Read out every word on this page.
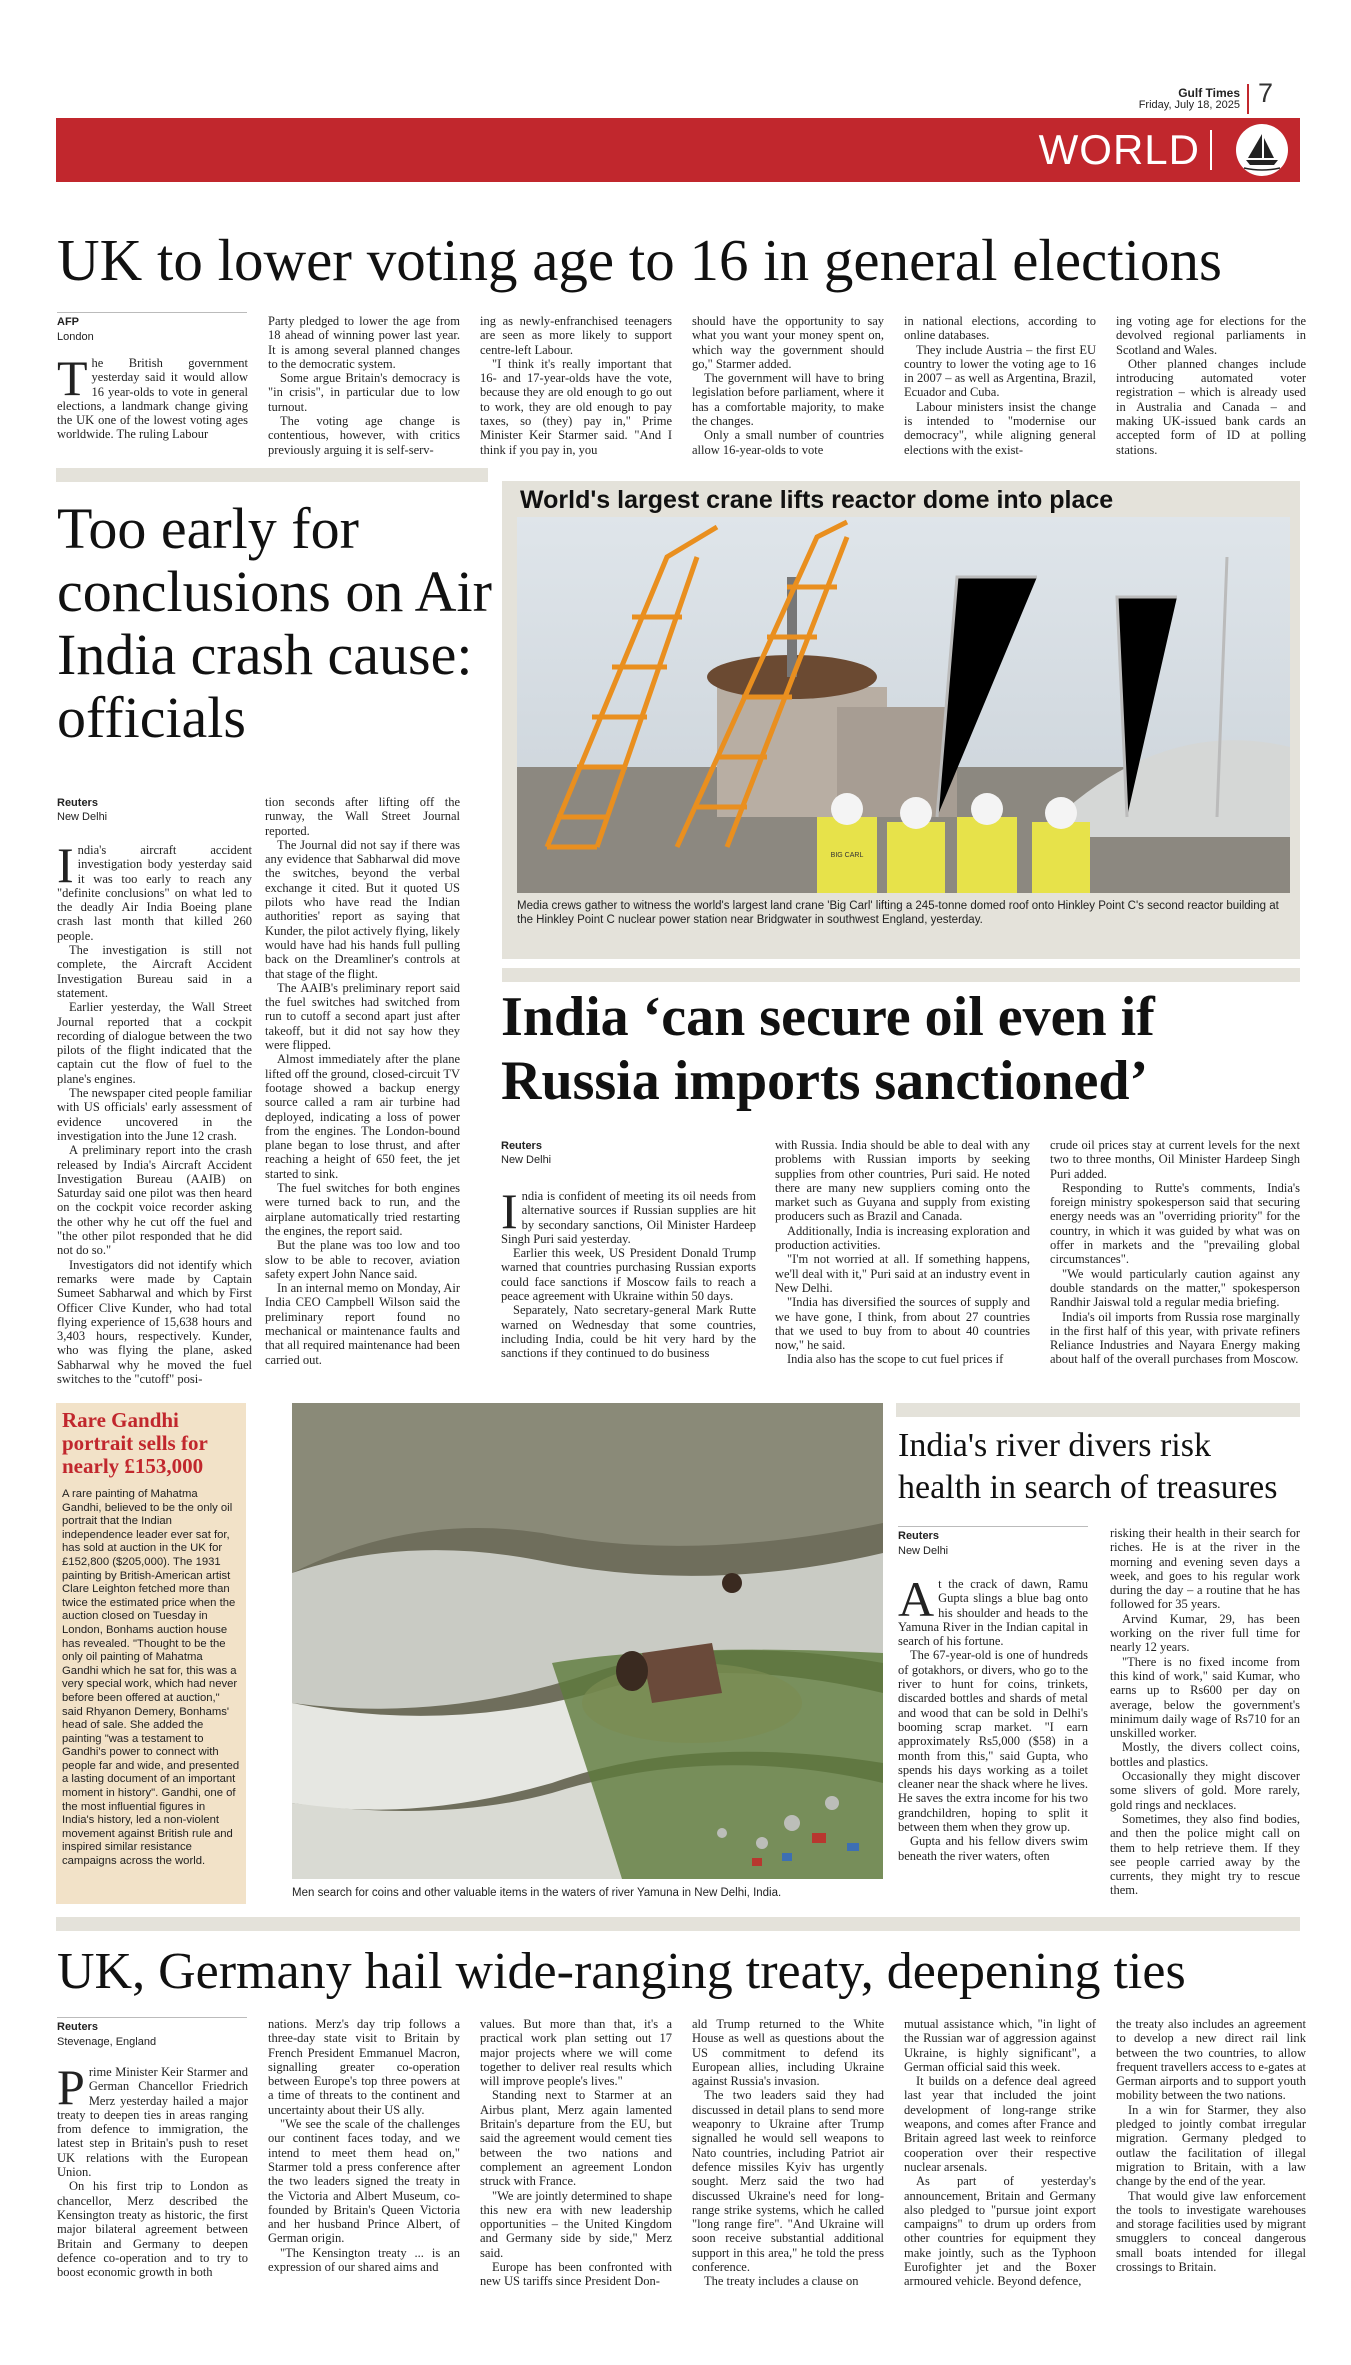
Gulf Times
Friday, July 18, 2025 7
WORLD
UK to lower voting age to 16 in general elections
AFP
London
T he British government yesterday said it would allow 16 year-olds to vote in general elections, a landmark change giving the UK one of the lowest voting ages worldwide. The ruling Labour

Party pledged to lower the age from 18 ahead of winning power last year. It is among several planned changes to the democratic system.

Some argue Britain's democracy is "in crisis", in particular due to low turnout.

The voting age change is contentious, however, with critics previously arguing it is self-serv-

ing as newly-enfranchised teenagers are seen as more likely to support centre-left Labour.

"I think it's really important that 16- and 17-year-olds have the vote, because they are old enough to go out to work, they are old enough to pay taxes, so (they) pay in," Prime Minister Keir Starmer said. "And I think if you pay in, you

should have the opportunity to say what you want your money spent on, which way the government should go," Starmer added.

The government will have to bring legislation before parliament, where it has a comfortable majority, to make the changes.

Only a small number of countries allow 16-year-olds to vote

in national elections, according to online databases.

They include Austria – the first EU country to lower the voting age to 16 in 2007 – as well as Argentina, Brazil, Ecuador and Cuba.

Labour ministers insist the change is intended to "modernise our democracy", while aligning general elections with the exist-

ing voting age for elections for the devolved regional parliaments in Scotland and Wales.

Other planned changes include introducing automated voter registration – which is already used in Australia and Canada – and making UK-issued bank cards an accepted form of ID at polling stations.

Too early for conclusions on Air India crash cause: officials
Reuters
New Delhi
I ndia's aircraft accident investigation body yesterday said it was too early to reach any "definite conclusions" on what led to the deadly Air India Boeing plane crash last month that killed 260 people.

The investigation is still not complete, the Aircraft Accident Investigation Bureau said in a statement.

Earlier yesterday, the Wall Street Journal reported that a cockpit recording of dialogue between the two pilots of the flight indicated that the captain cut the flow of fuel to the plane's engines.

The newspaper cited people familiar with US officials' early assessment of evidence uncovered in the investigation into the June 12 crash.

A preliminary report into the crash released by India's Aircraft Accident Investigation Bureau (AAIB) on Saturday said one pilot was then heard on the cockpit voice recorder asking the other why he cut off the fuel and "the other pilot responded that he did not do so."

Investigators did not identify which remarks were made by Captain Sumeet Sabharwal and which by First Officer Clive Kunder, who had total flying experience of 15,638 hours and 3,403 hours, respectively. Kunder, who was flying the plane, asked Sabharwal why he moved the fuel switches to the "cutoff" posi-

tion seconds after lifting off the runway, the Wall Street Journal reported.

The Journal did not say if there was any evidence that Sabharwal did move the switches, beyond the verbal exchange it cited. But it quoted US pilots who have read the Indian authorities' report as saying that Kunder, the pilot actively flying, likely would have had his hands full pulling back on the Dreamliner's controls at that stage of the flight.

The AAIB's preliminary report said the fuel switches had switched from run to cutoff a second apart just after takeoff, but it did not say how they were flipped.

Almost immediately after the plane lifted off the ground, closed-circuit TV footage showed a backup energy source called a ram air turbine had deployed, indicating a loss of power from the engines. The London-bound plane began to lose thrust, and after reaching a height of 650 feet, the jet started to sink.

The fuel switches for both engines were turned back to run, and the airplane automatically tried restarting the engines, the report said.

But the plane was too low and too slow to be able to recover, aviation safety expert John Nance said.

In an internal memo on Monday, Air India CEO Campbell Wilson said the preliminary report found no mechanical or maintenance faults and that all required maintenance had been carried out.

World's largest crane lifts reactor dome into place
BIG CARL
Media crews gather to witness the world's largest land crane 'Big Carl' lifting a 245-tonne domed roof onto Hinkley Point C's second reactor building at the Hinkley Point C nuclear power station near Bridgwater in southwest England, yesterday.
India ‘can secure oil even if Russia imports sanctioned’
Reuters
New Delhi
I ndia is confident of meeting its oil needs from alternative sources if Russian supplies are hit by secondary sanctions, Oil Minister Hardeep Singh Puri said yesterday.

Earlier this week, US President Donald Trump warned that countries purchasing Russian exports could face sanctions if Moscow fails to reach a peace agreement with Ukraine within 50 days.

Separately, Nato secretary-general Mark Rutte warned on Wednesday that some countries, including India, could be hit very hard by the sanctions if they continued to do business

with Russia. India should be able to deal with any problems with Russian imports by seeking supplies from other countries, Puri said. He noted there are many new suppliers coming onto the market such as Guyana and supply from existing producers such as Brazil and Canada.

Additionally, India is increasing exploration and production activities.

"I'm not worried at all. If something happens, we'll deal with it," Puri said at an industry event in New Delhi.

"India has diversified the sources of supply and we have gone, I think, from about 27 countries that we used to buy from to about 40 countries now," he said.

India also has the scope to cut fuel prices if

crude oil prices stay at current levels for the next two to three months, Oil Minister Hardeep Singh Puri added.

Responding to Rutte's comments, India's foreign ministry spokesperson said that securing energy needs was an "overriding priority" for the country, in which it was guided by what was on offer in markets and the "prevailing global circumstances".

"We would particularly caution against any double standards on the matter," spokesperson Randhir Jaiswal told a regular media briefing.

India's oil imports from Russia rose marginally in the first half of this year, with private refiners Reliance Industries and Nayara Energy making about half of the overall purchases from Moscow.

Rare Gandhi portrait sells for nearly £153,000
A rare painting of Mahatma Gandhi, believed to be the only oil portrait that the Indian independence leader ever sat for, has sold at auction in the UK for £152,800 ($205,000). The 1931 painting by British-American artist Clare Leighton fetched more than twice the estimated price when the auction closed on Tuesday in London, Bonhams auction house has revealed. "Thought to be the only oil painting of Mahatma Gandhi which he sat for, this was a very special work, which had never before been offered at auction," said Rhyanon Demery, Bonhams' head of sale. She added the painting "was a testament to Gandhi's power to connect with people far and wide, and presented a lasting document of an important moment in history". Gandhi, one of the most influential figures in India's history, led a non-violent movement against British rule and inspired similar resistance campaigns across the world.
Men search for coins and other valuable items in the waters of river Yamuna in New Delhi, India.
India's river divers risk health in search of treasures
Reuters
New Delhi
A t the crack of dawn, Ramu Gupta slings a blue bag onto his shoulder and heads to the Yamuna River in the Indian capital in search of his fortune.

The 67-year-old is one of hundreds of gotakhors, or divers, who go to the river to hunt for coins, trinkets, discarded bottles and shards of metal and wood that can be sold in Delhi's booming scrap market. "I earn approximately Rs5,000 ($58) in a month from this," said Gupta, who spends his days working as a toilet cleaner near the shack where he lives. He saves the extra income for his two grandchildren, hoping to split it between them when they grow up.

Gupta and his fellow divers swim beneath the river waters, often

risking their health in their search for riches. He is at the river in the morning and evening seven days a week, and goes to his regular work during the day – a routine that he has followed for 35 years.

Arvind Kumar, 29, has been working on the river full time for nearly 12 years.

"There is no fixed income from this kind of work," said Kumar, who earns up to Rs600 per day on average, below the government's minimum daily wage of Rs710 for an unskilled worker.

Mostly, the divers collect coins, bottles and plastics.

Occasionally they might discover some slivers of gold. More rarely, gold rings and necklaces.

Sometimes, they also find bodies, and then the police might call on them to help retrieve them. If they see people carried away by the currents, they might try to rescue them.

UK, Germany hail wide-ranging treaty, deepening ties
Reuters
Stevenage, England
P rime Minister Keir Starmer and German Chancellor Friedrich Merz yesterday hailed a major treaty to deepen ties in areas ranging from defence to immigration, the latest step in Britain's push to reset UK relations with the European Union.

On his first trip to London as chancellor, Merz described the Kensington treaty as historic, the first major bilateral agreement between Britain and Germany to deepen defence co-operation and to try to boost economic growth in both

nations. Merz's day trip follows a three-day state visit to Britain by French President Emmanuel Macron, signalling greater co-operation between Europe's top three powers at a time of threats to the continent and uncertainty about their US ally.

"We see the scale of the challenges our continent faces today, and we intend to meet them head on," Starmer told a press conference after the two leaders signed the treaty in the Victoria and Albert Museum, co-founded by Britain's Queen Victoria and her husband Prince Albert, of German origin.

"The Kensington treaty ... is an expression of our shared aims and

values. But more than that, it's a practical work plan setting out 17 major projects where we will come together to deliver real results which will improve people's lives."

Standing next to Starmer at an Airbus plant, Merz again lamented Britain's departure from the EU, but said the agreement would cement ties between the two nations and complement an agreement London struck with France.

"We are jointly determined to shape this new era with new leadership opportunities – the United Kingdom and Germany side by side," Merz said.

Europe has been confronted with new US tariffs since President Don-

ald Trump returned to the White House as well as questions about the US commitment to defend its European allies, including Ukraine against Russia's invasion.

The two leaders said they had discussed in detail plans to send more weaponry to Ukraine after Trump signalled he would sell weapons to Nato countries, including Patriot air defence missiles Kyiv has urgently sought. Merz said the two had discussed Ukraine's need for long-range strike systems, which he called "long range fire". "And Ukraine will soon receive substantial additional support in this area," he told the press conference.

The treaty includes a clause on

mutual assistance which, "in light of the Russian war of aggression against Ukraine, is highly significant", a German official said this week.

It builds on a defence deal agreed last year that included the joint development of long-range strike weapons, and comes after France and Britain agreed last week to reinforce cooperation over their respective nuclear arsenals.

As part of yesterday's announcement, Britain and Germany also pledged to "pursue joint export campaigns" to drum up orders from other countries for equipment they make jointly, such as the Typhoon Eurofighter jet and the Boxer armoured vehicle. Beyond defence,

the treaty also includes an agreement to develop a new direct rail link between the two countries, to allow frequent travellers access to e-gates at German airports and to support youth mobility between the two nations.

In a win for Starmer, they also pledged to jointly combat irregular migration. Germany pledged to outlaw the facilitation of illegal migration to Britain, with a law change by the end of the year.

That would give law enforcement the tools to investigate warehouses and storage facilities used by migrant smugglers to conceal dangerous small boats intended for illegal crossings to Britain.
